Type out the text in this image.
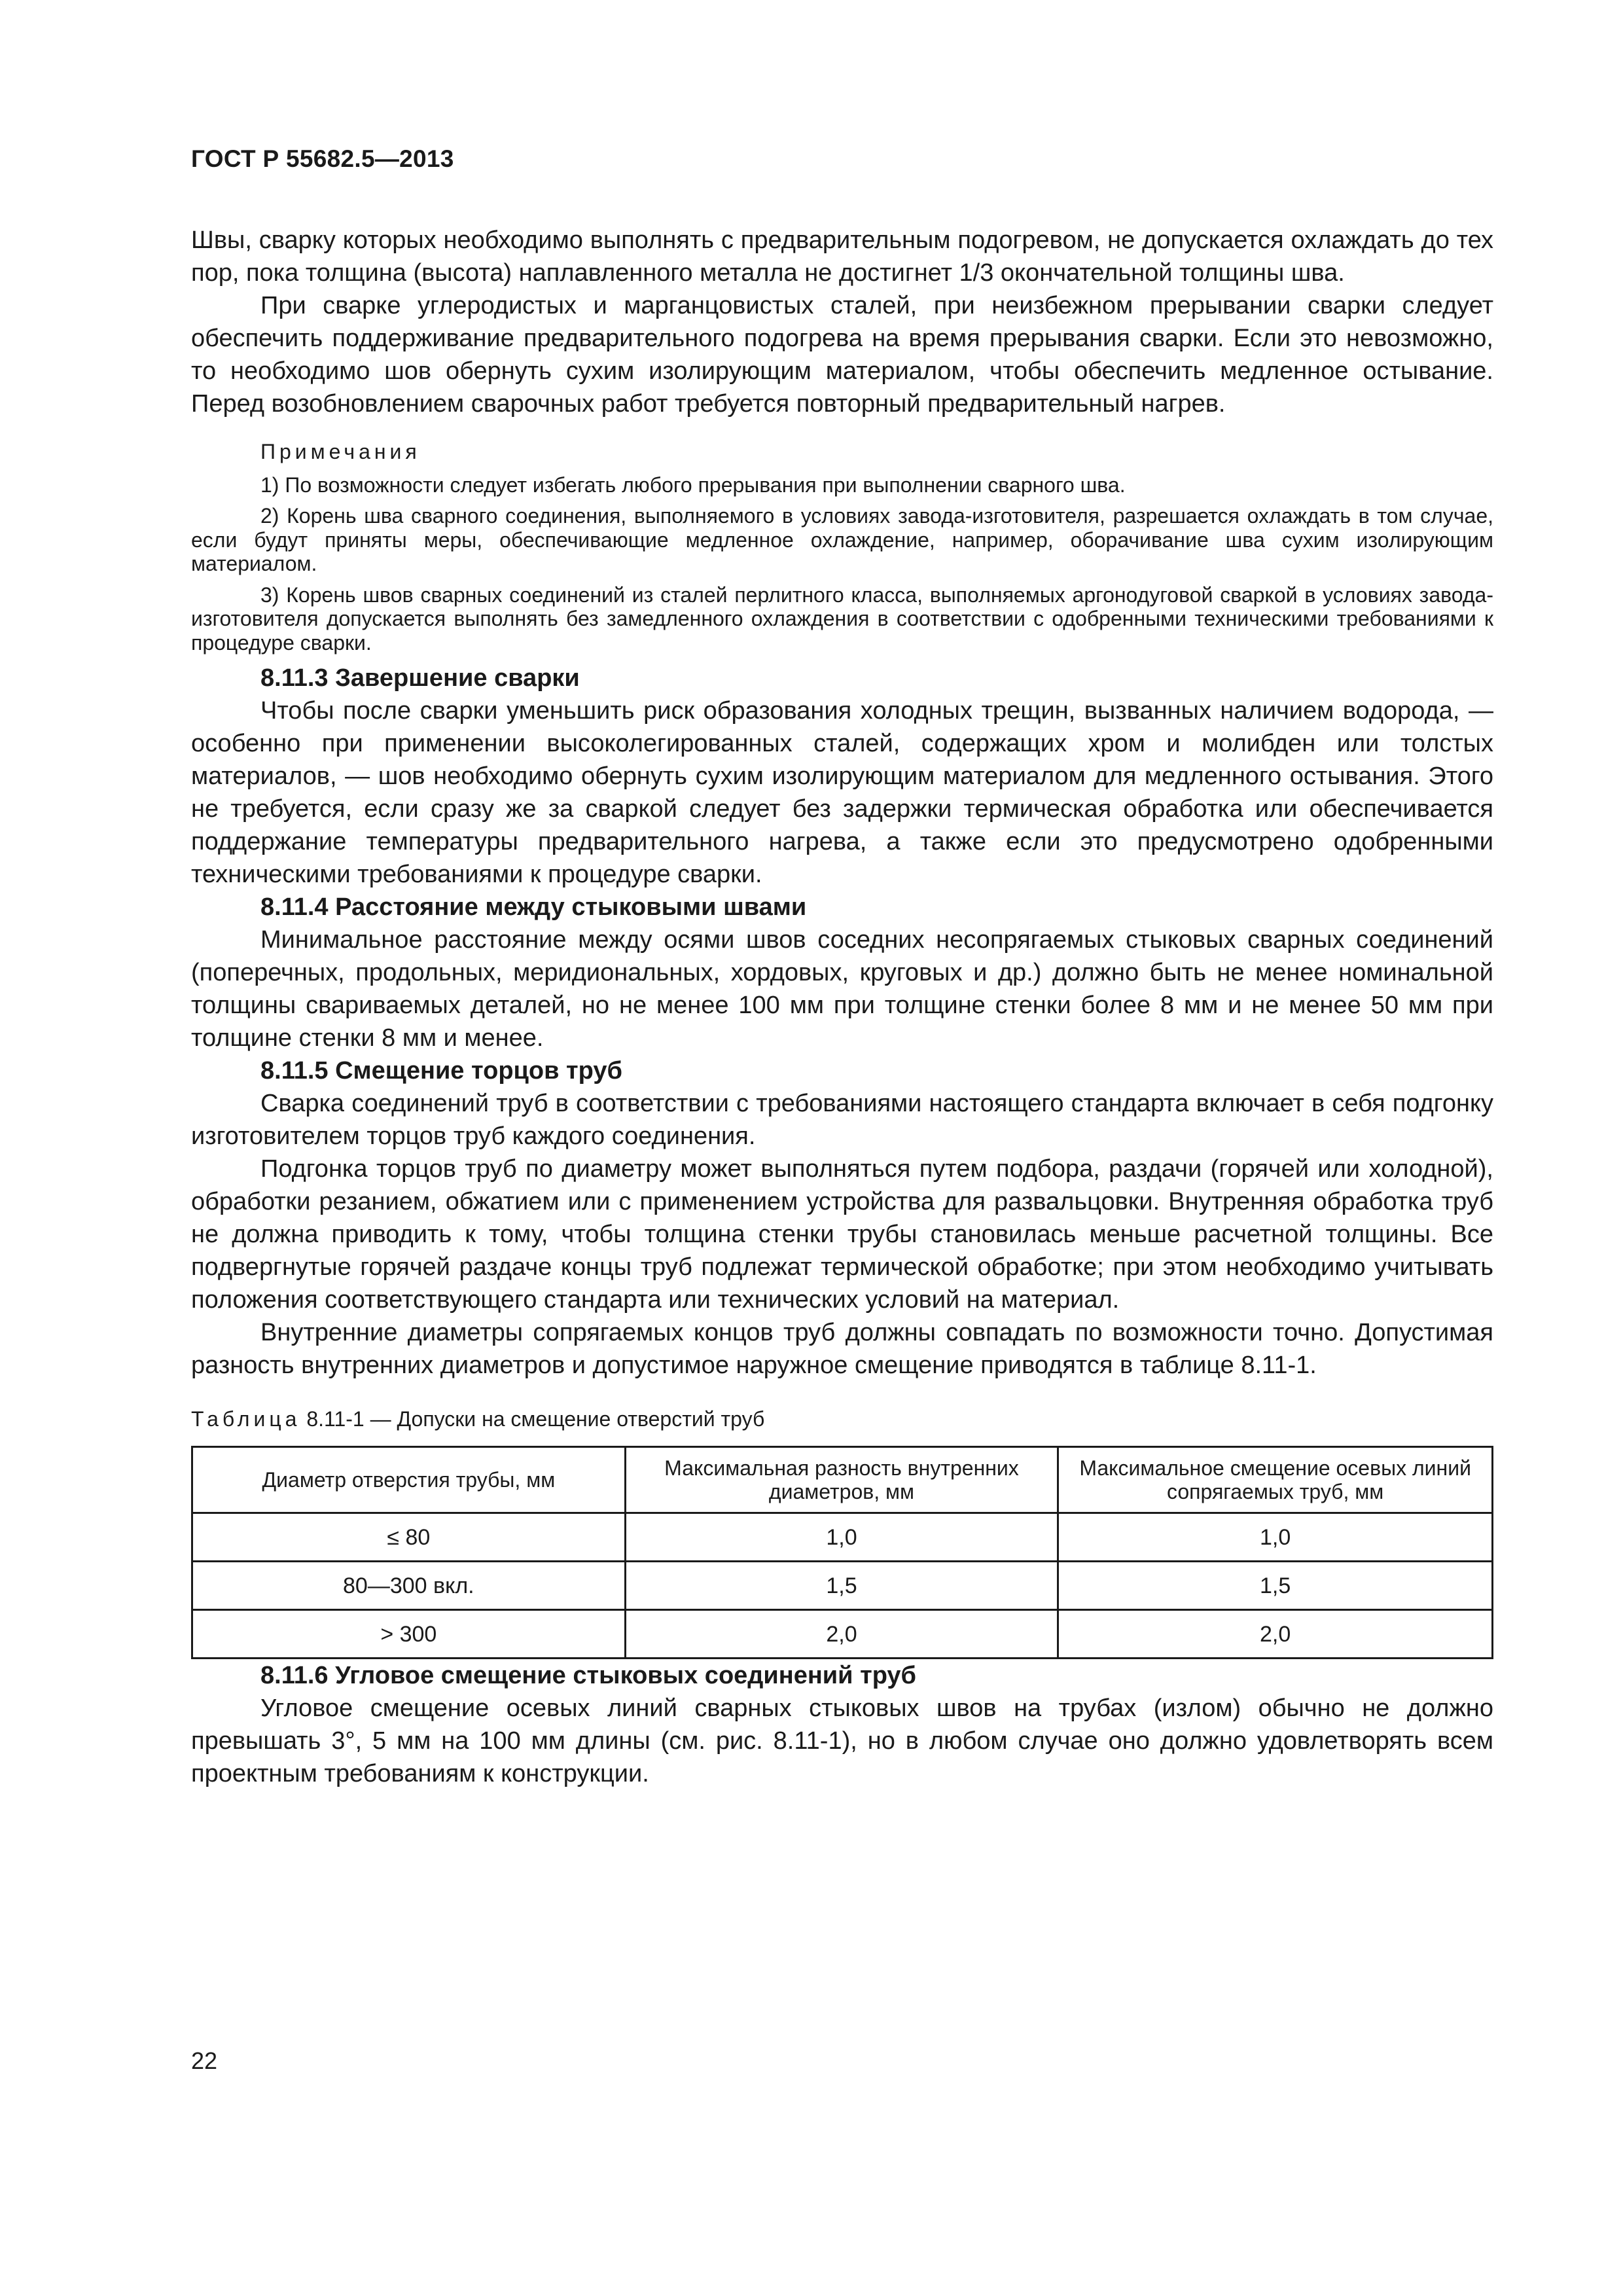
ГОСТ Р 55682.5—2013

Швы, сварку которых необходимо выполнять с предварительным подогревом, не допускается охлаждать до тех пор, пока толщина (высота) наплавленного металла не достигнет 1/3 окончательной толщины шва.

При сварке углеродистых и марганцовистых сталей, при неизбежном прерывании сварки следует обеспечить поддерживание предварительного подогрева на время прерывания сварки. Если это невозможно, то необходимо шов обернуть сухим изолирующим материалом, чтобы обеспечить медленное остывание. Перед возобновлением сварочных работ требуется повторный предварительный нагрев.

Примечания

1) По возможности следует избегать любого прерывания при выполнении сварного шва.

2) Корень шва сварного соединения, выполняемого в условиях завода-изготовителя, разрешается охлаждать в том случае, если будут приняты меры, обеспечивающие медленное охлаждение, например, оборачивание шва сухим изолирующим материалом.

3) Корень швов сварных соединений из сталей перлитного класса, выполняемых аргонодуговой сваркой в условиях завода-изготовителя допускается выполнять без замедленного охлаждения в соответствии с одобренными техническими требованиями к процедуре сварки.

8.11.3 Завершение сварки

Чтобы после сварки уменьшить риск образования холодных трещин, вызванных наличием водорода, — особенно при применении высоколегированных сталей, содержащих хром и молибден или толстых материалов, — шов необходимо обернуть сухим изолирующим материалом для медленного остывания. Этого не требуется, если сразу же за сваркой следует без задержки термическая обработка или обеспечивается поддержание температуры предварительного нагрева, а также если это предусмотрено одобренными техническими требованиями к процедуре сварки.

8.11.4 Расстояние между стыковыми швами

Минимальное расстояние между осями швов соседних несопрягаемых стыковых сварных соединений (поперечных, продольных, меридиональных, хордовых, круговых и др.) должно быть не менее номинальной толщины свариваемых деталей, но не менее 100 мм при толщине стенки более 8 мм и не менее 50 мм при толщине стенки 8 мм и менее.

8.11.5 Смещение торцов труб

Сварка соединений труб в соответствии с требованиями настоящего стандарта включает в себя подгонку изготовителем торцов труб каждого соединения.

Подгонка торцов труб по диаметру может выполняться путем подбора, раздачи (горячей или холодной), обработки резанием, обжатием или с применением устройства для развальцовки. Внутренняя обработка труб не должна приводить к тому, чтобы толщина стенки трубы становилась меньше расчетной толщины. Все подвергнутые горячей раздаче концы труб подлежат термической обработке; при этом необходимо учитывать положения соответствующего стандарта или технических условий на материал.

Внутренние диаметры сопрягаемых концов труб должны совпадать по возможности точно. Допустимая разность внутренних диаметров и допустимое наружное смещение приводятся в таблице 8.11-1.

Таблица 8.11-1 — Допуски на смещение отверстий труб
Диаметр отверстия трубы, мм	Максимальная разность внутренних диаметров, мм	Максимальное смещение осевых линий сопрягаемых труб, мм
≤ 80	1,0	1,0
80—300 вкл.	1,5	1,5
> 300	2,0	2,0

8.11.6 Угловое смещение стыковых соединений труб

Угловое смещение осевых линий сварных стыковых швов на трубах (излом) обычно не должно превышать 3°, 5 мм на 100 мм длины (см. рис. 8.11-1), но в любом случае оно должно удовлетворять всем проектным требованиям к конструкции.

22
